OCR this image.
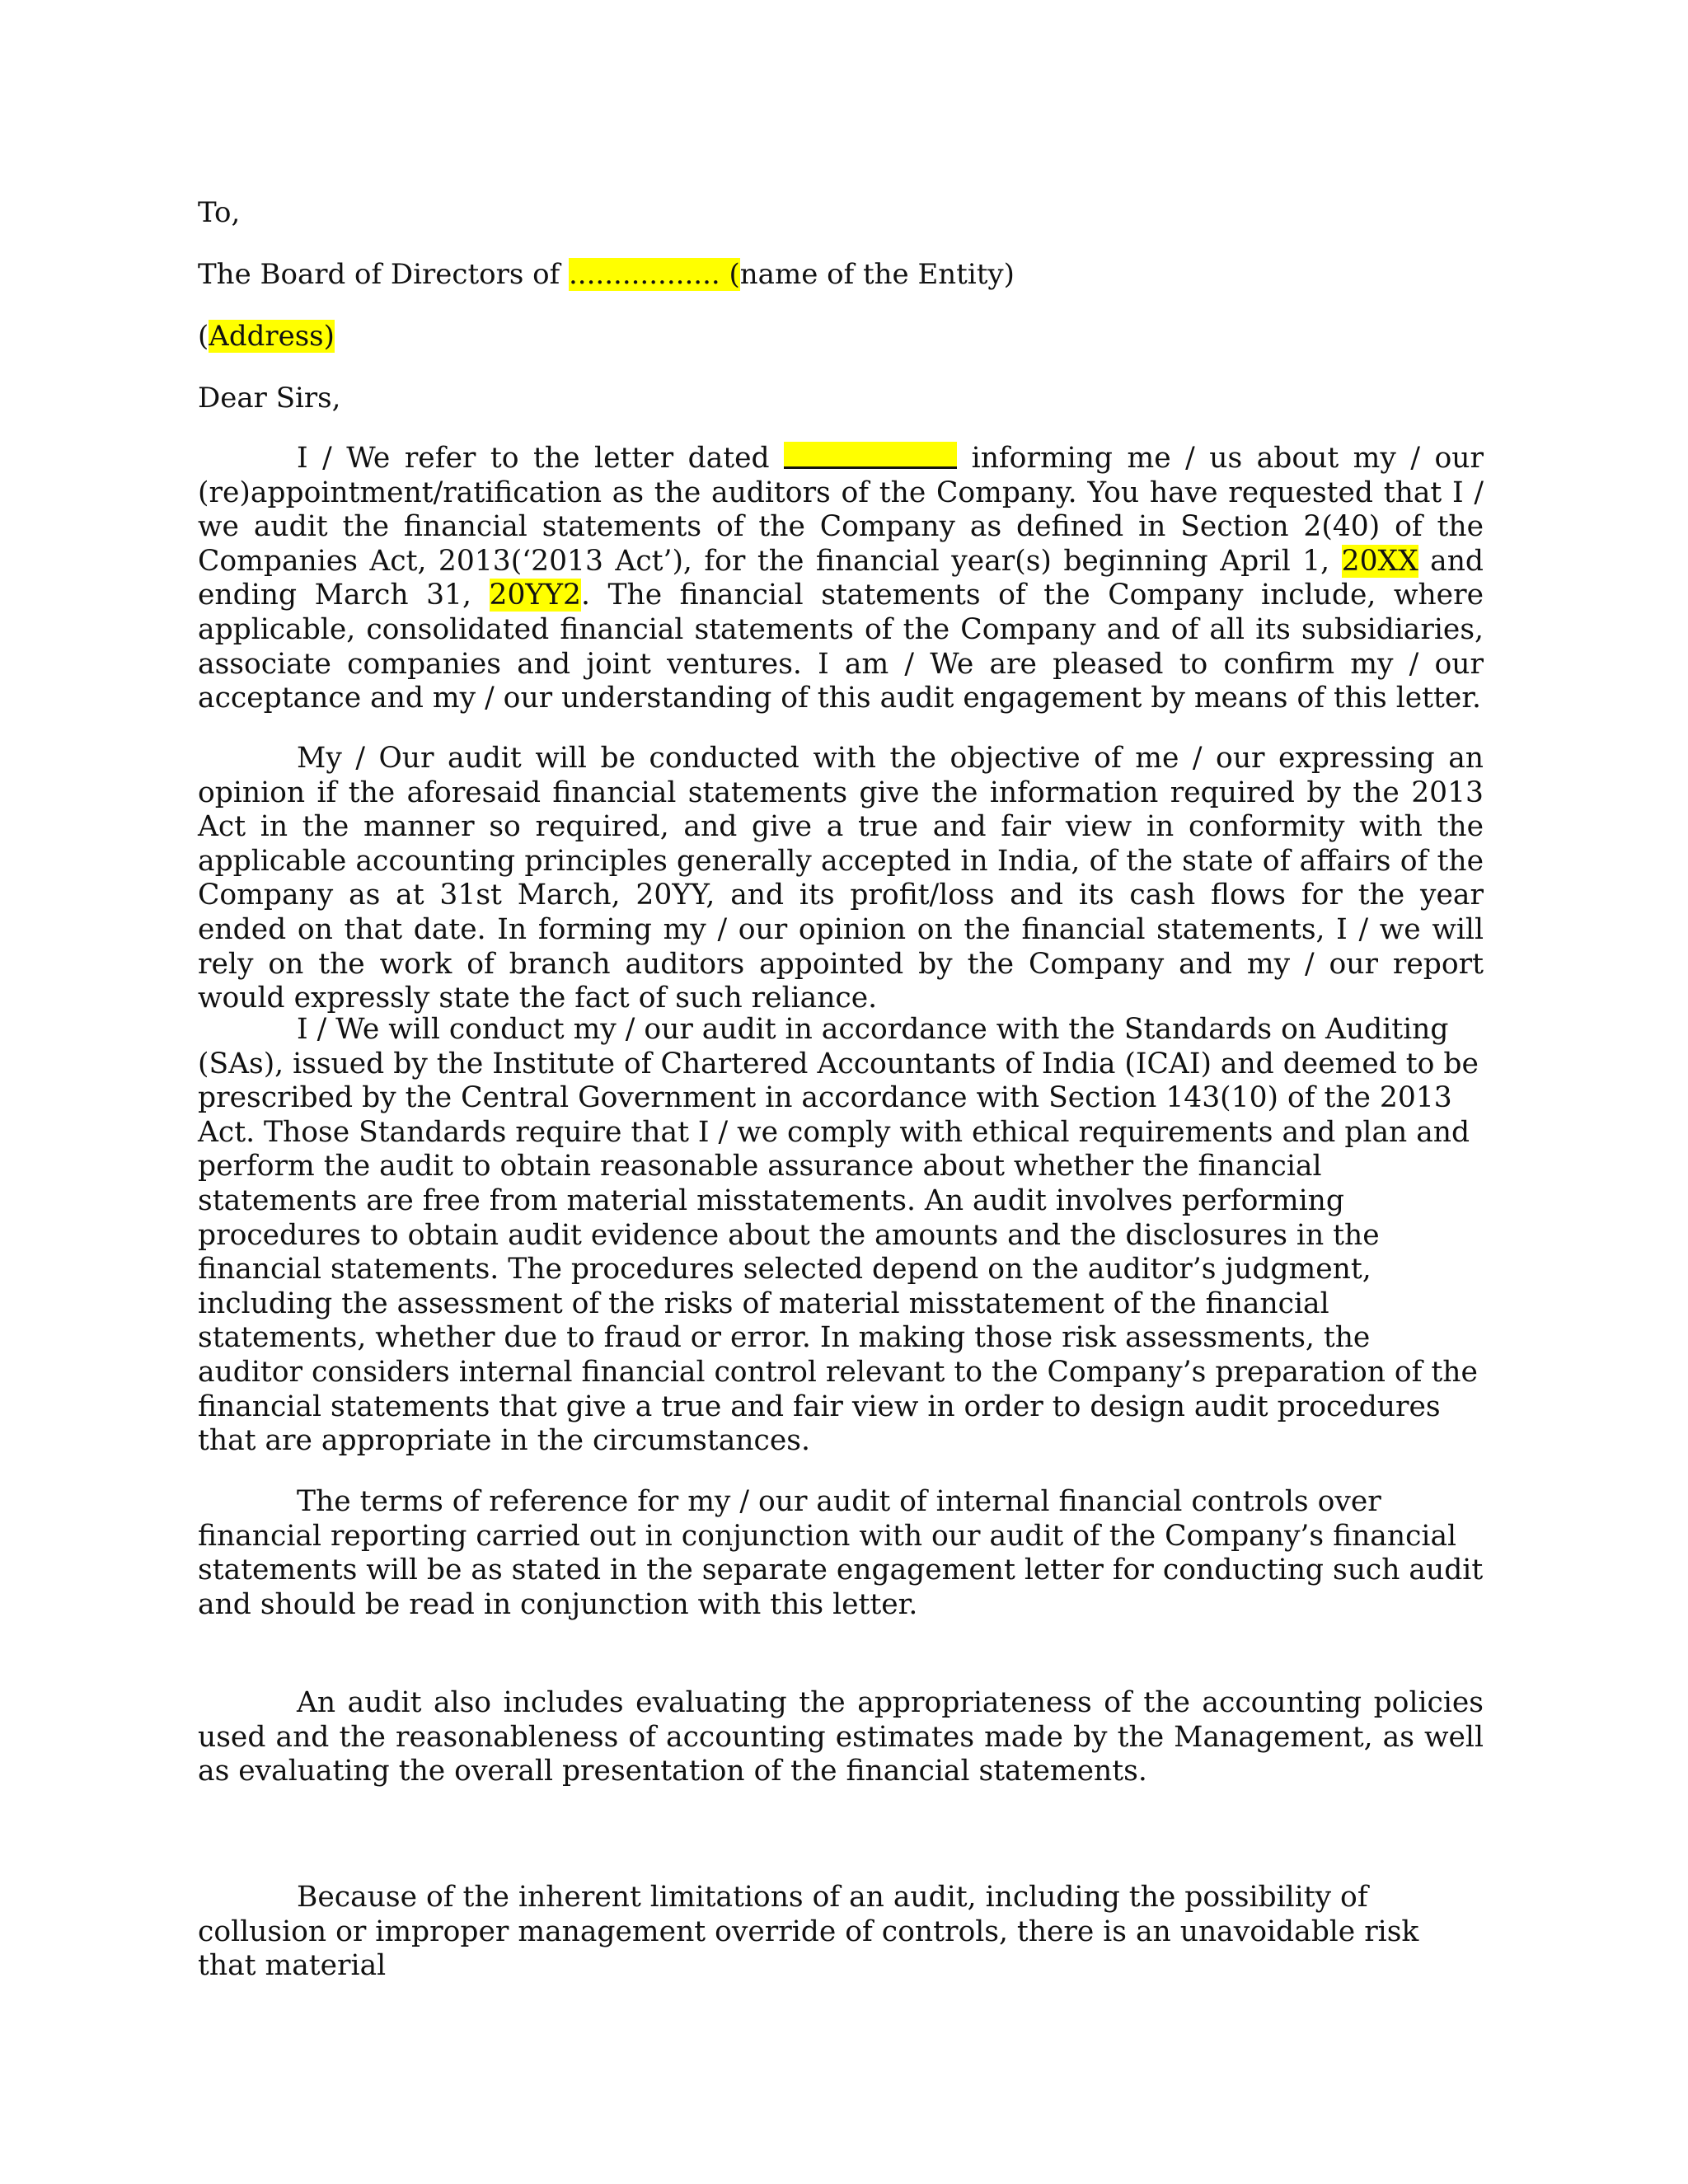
To,
The Board of Directors of ................. (name of the Entity)
(Address)
Dear Sirs,
I / We refer to the letter dated	informing me / us about my / our (re)appointment/ratification as the auditors of the Company. You have requested that I / we audit the financial statements of the Company as defined in Section 2(40) of the Companies Act, 2013(‘2013 Act’), for the financial year(s) beginning April 1, 20XX and ending March 31, 20YY2. The financial statements of the Company include, where applicable, consolidated financial statements of the Company and of all its subsidiaries, associate companies and joint ventures. I am / We are pleased to confirm my / our acceptance and my / our understanding of this audit engagement by means of this letter.
My / Our audit will be conducted with the objective of me / our expressing an opinion if the aforesaid financial statements give the information required by the 2013 Act in the manner so required, and give a true and fair view in conformity with the applicable accounting principles generally accepted in India, of the state of affairs of the Company as at 31st March, 20YY, and its profit/loss and its cash flows for the year ended on that date. In forming my / our opinion on the financial statements, I / we will rely on the work of branch auditors appointed by the Company and my / our report would expressly state the fact of such reliance.
I / We will conduct my / our audit in accordance with the Standards on Auditing (SAs), issued by the Institute of Chartered Accountants of India (ICAI) and deemed to be prescribed by the Central Government in accordance with Section 143(10) of the 2013 Act. Those Standards require that I / we comply with ethical requirements and plan and perform the audit to obtain reasonable assurance about whether the financial statements are free from material misstatements. An audit involves performing procedures to obtain audit evidence about the amounts and the disclosures in the financial statements. The procedures selected depend on the auditor’s judgment, including the assessment of the risks of material misstatement of the financial statements, whether due to fraud or error. In making those risk assessments, the auditor considers internal financial control relevant to the Company’s preparation of the financial statements that give a true and fair view in order to design audit procedures that are appropriate in the circumstances.
The terms of reference for my / our audit of internal financial controls over financial reporting carried out in conjunction with our audit of the Company’s financial statements will be as stated in the separate engagement letter for conducting such audit and should be read in conjunction with this letter.
An audit also includes evaluating the appropriateness of the accounting policies used and the reasonableness of accounting estimates made by the Management, as well as evaluating the overall presentation of the financial statements.
Because of the inherent limitations of an audit, including the possibility of collusion or improper management override of controls, there is an unavoidable risk that material
